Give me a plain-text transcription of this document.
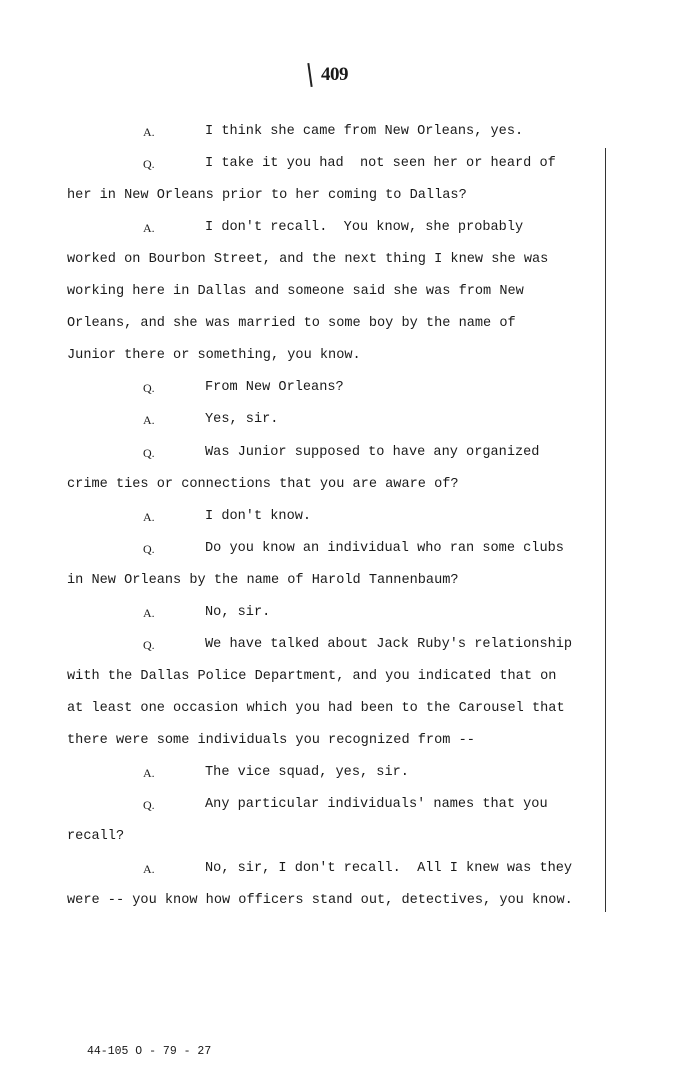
409
A.	I think she came from New Orleans, yes.
Q.	I take it you had  not seen her or heard of
her in New Orleans prior to her coming to Dallas?
A.	I don't recall.  You know, she probably
worked on Bourbon Street, and the next thing I knew she was
working here in Dallas and someone said she was from New
Orleans, and she was married to some boy by the name of
Junior there or something, you know.
Q.	From New Orleans?
A.	Yes, sir.
Q.	Was Junior supposed to have any organized
crime ties or connections that you are aware of?
A.	I don't know.
Q.	Do you know an individual who ran some clubs
in New Orleans by the name of Harold Tannenbaum?
A.	No, sir.
Q.	We have talked about Jack Ruby's relationship
with the Dallas Police Department, and you indicated that on
at least one occasion which you had been to the Carousel that
there were some individuals you recognized from --
A.	The vice squad, yes, sir.
Q.	Any particular individuals' names that you
recall?
A.	No, sir, I don't recall.  All I knew was they
were -- you know how officers stand out, detectives, you know.
44-105 O - 79 - 27
